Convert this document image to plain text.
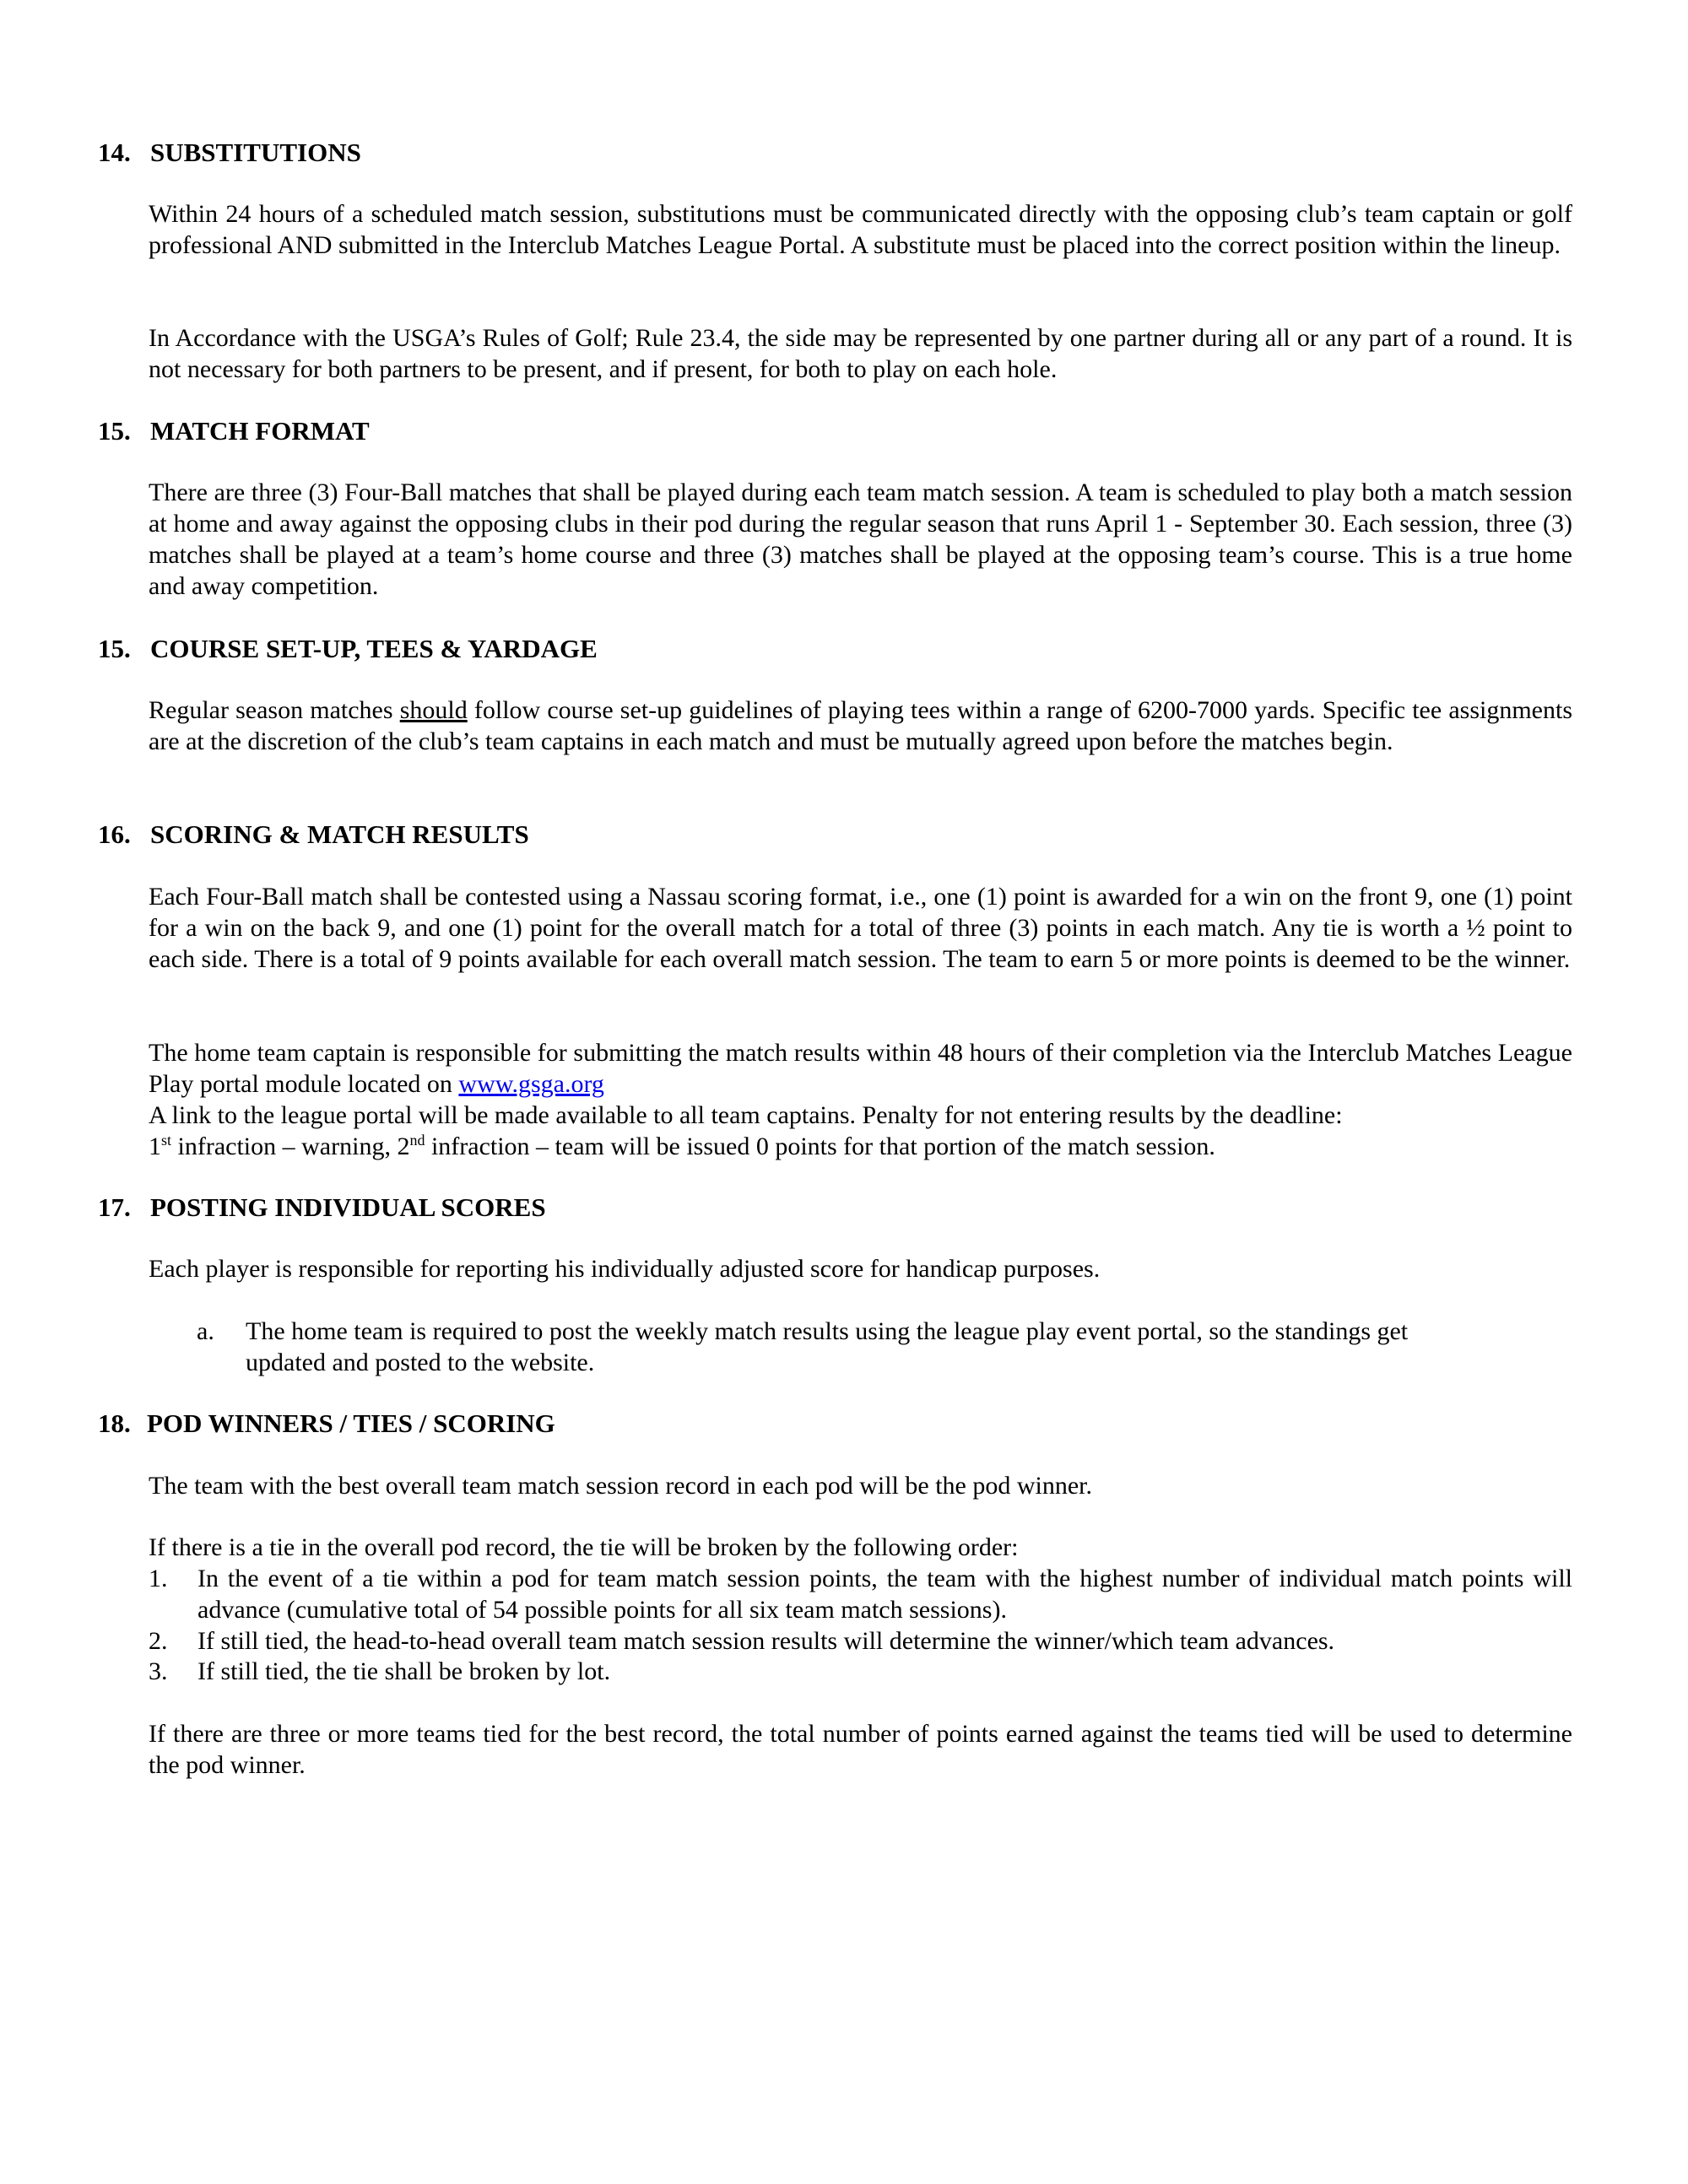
14. SUBSTITUTIONS
Within 24 hours of a scheduled match session, substitutions must be communicated directly with the opposing club’s team captain or golf professional AND submitted in the Interclub Matches League Portal. A substitute must be placed into the correct position within the lineup.
In Accordance with the USGA’s Rules of Golf; Rule 23.4, the side may be represented by one partner during all or any part of a round. It is not necessary for both partners to be present, and if present, for both to play on each hole.
15. MATCH FORMAT
There are three (3) Four-Ball matches that shall be played during each team match session. A team is scheduled to play both a match session at home and away against the opposing clubs in their pod during the regular season that runs April 1 - September 30. Each session, three (3) matches shall be played at a team’s home course and three (3) matches shall be played at the opposing team’s course. This is a true home and away competition.
15. COURSE SET-UP, TEES & YARDAGE
Regular season matches should follow course set-up guidelines of playing tees within a range of 6200-7000 yards. Specific tee assignments are at the discretion of the club’s team captains in each match and must be mutually agreed upon before the matches begin.
16. SCORING & MATCH RESULTS
Each Four-Ball match shall be contested using a Nassau scoring format, i.e., one (1) point is awarded for a win on the front 9, one (1) point for a win on the back 9, and one (1) point for the overall match for a total of three (3) points in each match. Any tie is worth a ½ point to each side. There is a total of 9 points available for each overall match session. The team to earn 5 or more points is deemed to be the winner.
The home team captain is responsible for submitting the match results within 48 hours of their completion via the Interclub Matches League Play portal module located on www.gsga.org
A link to the league portal will be made available to all team captains. Penalty for not entering results by the deadline:
1st infraction – warning, 2nd infraction – team will be issued 0 points for that portion of the match session.
17. POSTING INDIVIDUAL SCORES
Each player is responsible for reporting his individually adjusted score for handicap purposes.
a. The home team is required to post the weekly match results using the league play event portal, so the standings get updated and posted to the website.
18. POD WINNERS / TIES / SCORING
The team with the best overall team match session record in each pod will be the pod winner.
If there is a tie in the overall pod record, the tie will be broken by the following order:
1. In the event of a tie within a pod for team match session points, the team with the highest number of individual match points will advance (cumulative total of 54 possible points for all six team match sessions).
2. If still tied, the head-to-head overall team match session results will determine the winner/which team advances.
3. If still tied, the tie shall be broken by lot.
If there are three or more teams tied for the best record, the total number of points earned against the teams tied will be used to determine the pod winner.
